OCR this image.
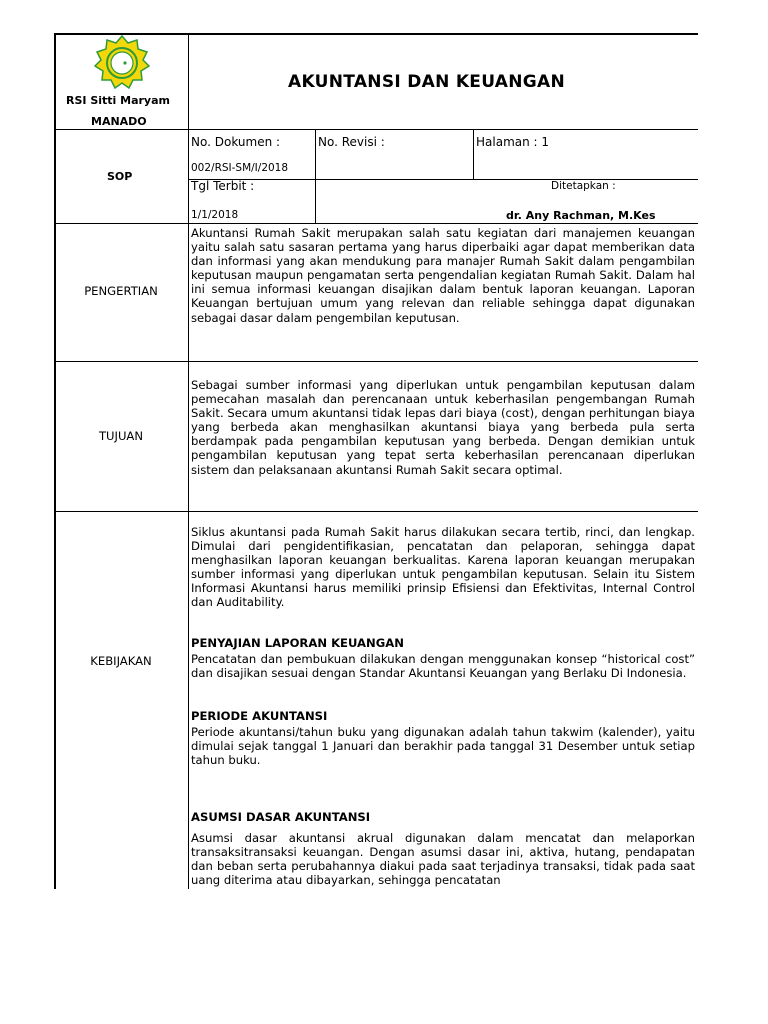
RSI Sitti Maryam
MANADO
AKUNTANSI DAN KEUANGAN
SOP
No. Dokumen :
002/RSI-SM/I/2018
No. Revisi :	Halaman : 1
Tgl Terbit :
1/1/2018
Ditetapkan :
dr. Any Rachman, M.Kes
PENGERTIAN
Akuntansi Rumah Sakit merupakan salah satu kegiatan dari manajemen keuangan yaitu salah satu sasaran pertama yang harus diperbaiki agar dapat memberikan data dan informasi yang akan mendukung para manajer Rumah Sakit dalam pengambilan keputusan maupun pengamatan serta pengendalian kegiatan Rumah Sakit. Dalam hal ini semua informasi keuangan disajikan dalam bentuk laporan keuangan. Laporan Keuangan bertujuan umum yang relevan dan reliable sehingga dapat digunakan sebagai dasar dalam pengembilan keputusan.
TUJUAN
Sebagai sumber informasi yang diperlukan untuk pengambilan keputusan dalam pemecahan masalah dan perencanaan untuk keberhasilan pengembangan Rumah Sakit. Secara umum akuntansi tidak lepas dari biaya (cost), dengan perhitungan biaya yang berbeda akan menghasilkan akuntansi biaya yang berbeda pula serta berdampak pada pengambilan keputusan yang berbeda. Dengan demikian untuk pengambilan keputusan yang tepat serta keberhasilan perencanaan diperlukan sistem dan pelaksanaan akuntansi Rumah Sakit secara optimal.
KEBIJAKAN
Siklus akuntansi pada Rumah Sakit harus dilakukan secara tertib, rinci, dan lengkap. Dimulai dari pengidentifikasian, pencatatan dan pelaporan, sehingga dapat menghasilkan laporan keuangan berkualitas. Karena laporan keuangan merupakan sumber informasi yang diperlukan untuk pengambilan keputusan. Selain itu Sistem Informasi Akuntansi harus memiliki prinsip Efisiensi dan Efektivitas, Internal Control dan Auditability.
PENYAJIAN LAPORAN KEUANGAN
Pencatatan dan pembukuan dilakukan dengan menggunakan konsep “historical cost” dan disajikan sesuai dengan Standar Akuntansi Keuangan yang Berlaku Di Indonesia.
PERIODE AKUNTANSI
Periode akuntansi/tahun buku yang digunakan adalah tahun takwim (kalender), yaitu dimulai sejak tanggal 1 Januari dan berakhir pada tanggal 31 Desember untuk setiap tahun buku.
ASUMSI DASAR AKUNTANSI
Asumsi dasar akuntansi akrual digunakan dalam mencatat dan melaporkan transaksitransaksi keuangan. Dengan asumsi dasar ini, aktiva, hutang, pendapatan dan beban serta perubahannya diakui pada saat terjadinya transaksi, tidak pada saat uang diterima atau dibayarkan, sehingga pencatatan
